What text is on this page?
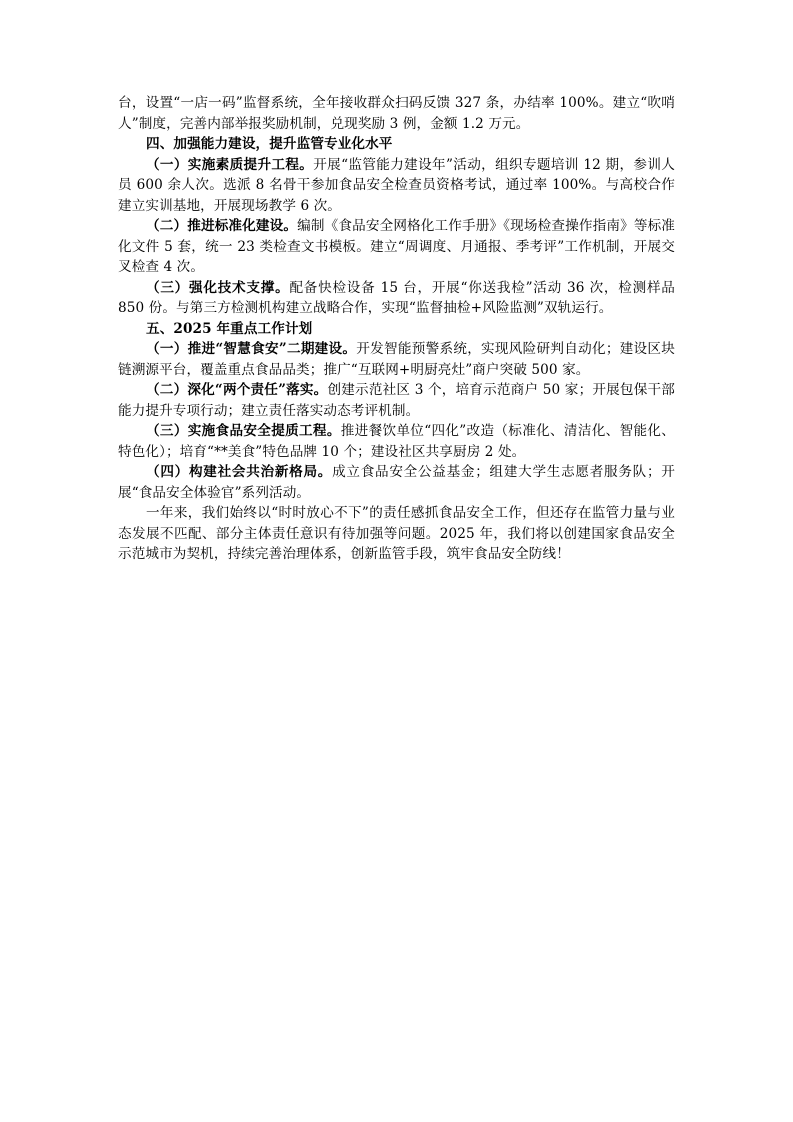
台，设置“一店一码”监督系统，全年接收群众扫码反馈 327 条，办结率 100%。建立“吹哨人”制度，完善内部举报奖励机制，兑现奖励 3 例，金额 1.2 万元。

四、加强能力建设，提升监管专业化水平

（一）实施素质提升工程。开展“监管能力建设年”活动，组织专题培训 12 期，参训人员 600 余人次。选派 8 名骨干参加食品安全检查员资格考试，通过率 100%。与高校合作建立实训基地，开展现场教学 6 次。

（二）推进标准化建设。编制《食品安全网格化工作手册》《现场检查操作指南》等标准化文件 5 套，统一 23 类检查文书模板。建立“周调度、月通报、季考评”工作机制，开展交叉检查 4 次。

（三）强化技术支撑。配备快检设备 15 台，开展“你送我检”活动 36 次，检测样品 850 份。与第三方检测机构建立战略合作，实现“监督抽检+风险监测”双轨运行。

五、2025 年重点工作计划

（一）推进“智慧食安”二期建设。开发智能预警系统，实现风险研判自动化；建设区块链溯源平台，覆盖重点食品品类；推广“互联网+明厨亮灶”商户突破 500 家。

（二）深化“两个责任”落实。创建示范社区 3 个，培育示范商户 50 家；开展包保干部能力提升专项行动；建立责任落实动态考评机制。

（三）实施食品安全提质工程。推进餐饮单位“四化”改造（标准化、清洁化、智能化、特色化）；培育“**美食”特色品牌 10 个；建设社区共享厨房 2 处。

（四）构建社会共治新格局。成立食品安全公益基金；组建大学生志愿者服务队；开展“食品安全体验官”系列活动。

一年来，我们始终以“时时放心不下”的责任感抓食品安全工作，但还存在监管力量与业态发展不匹配、部分主体责任意识有待加强等问题。2025 年，我们将以创建国家食品安全示范城市为契机，持续完善治理体系，创新监管手段，筑牢食品安全防线！
